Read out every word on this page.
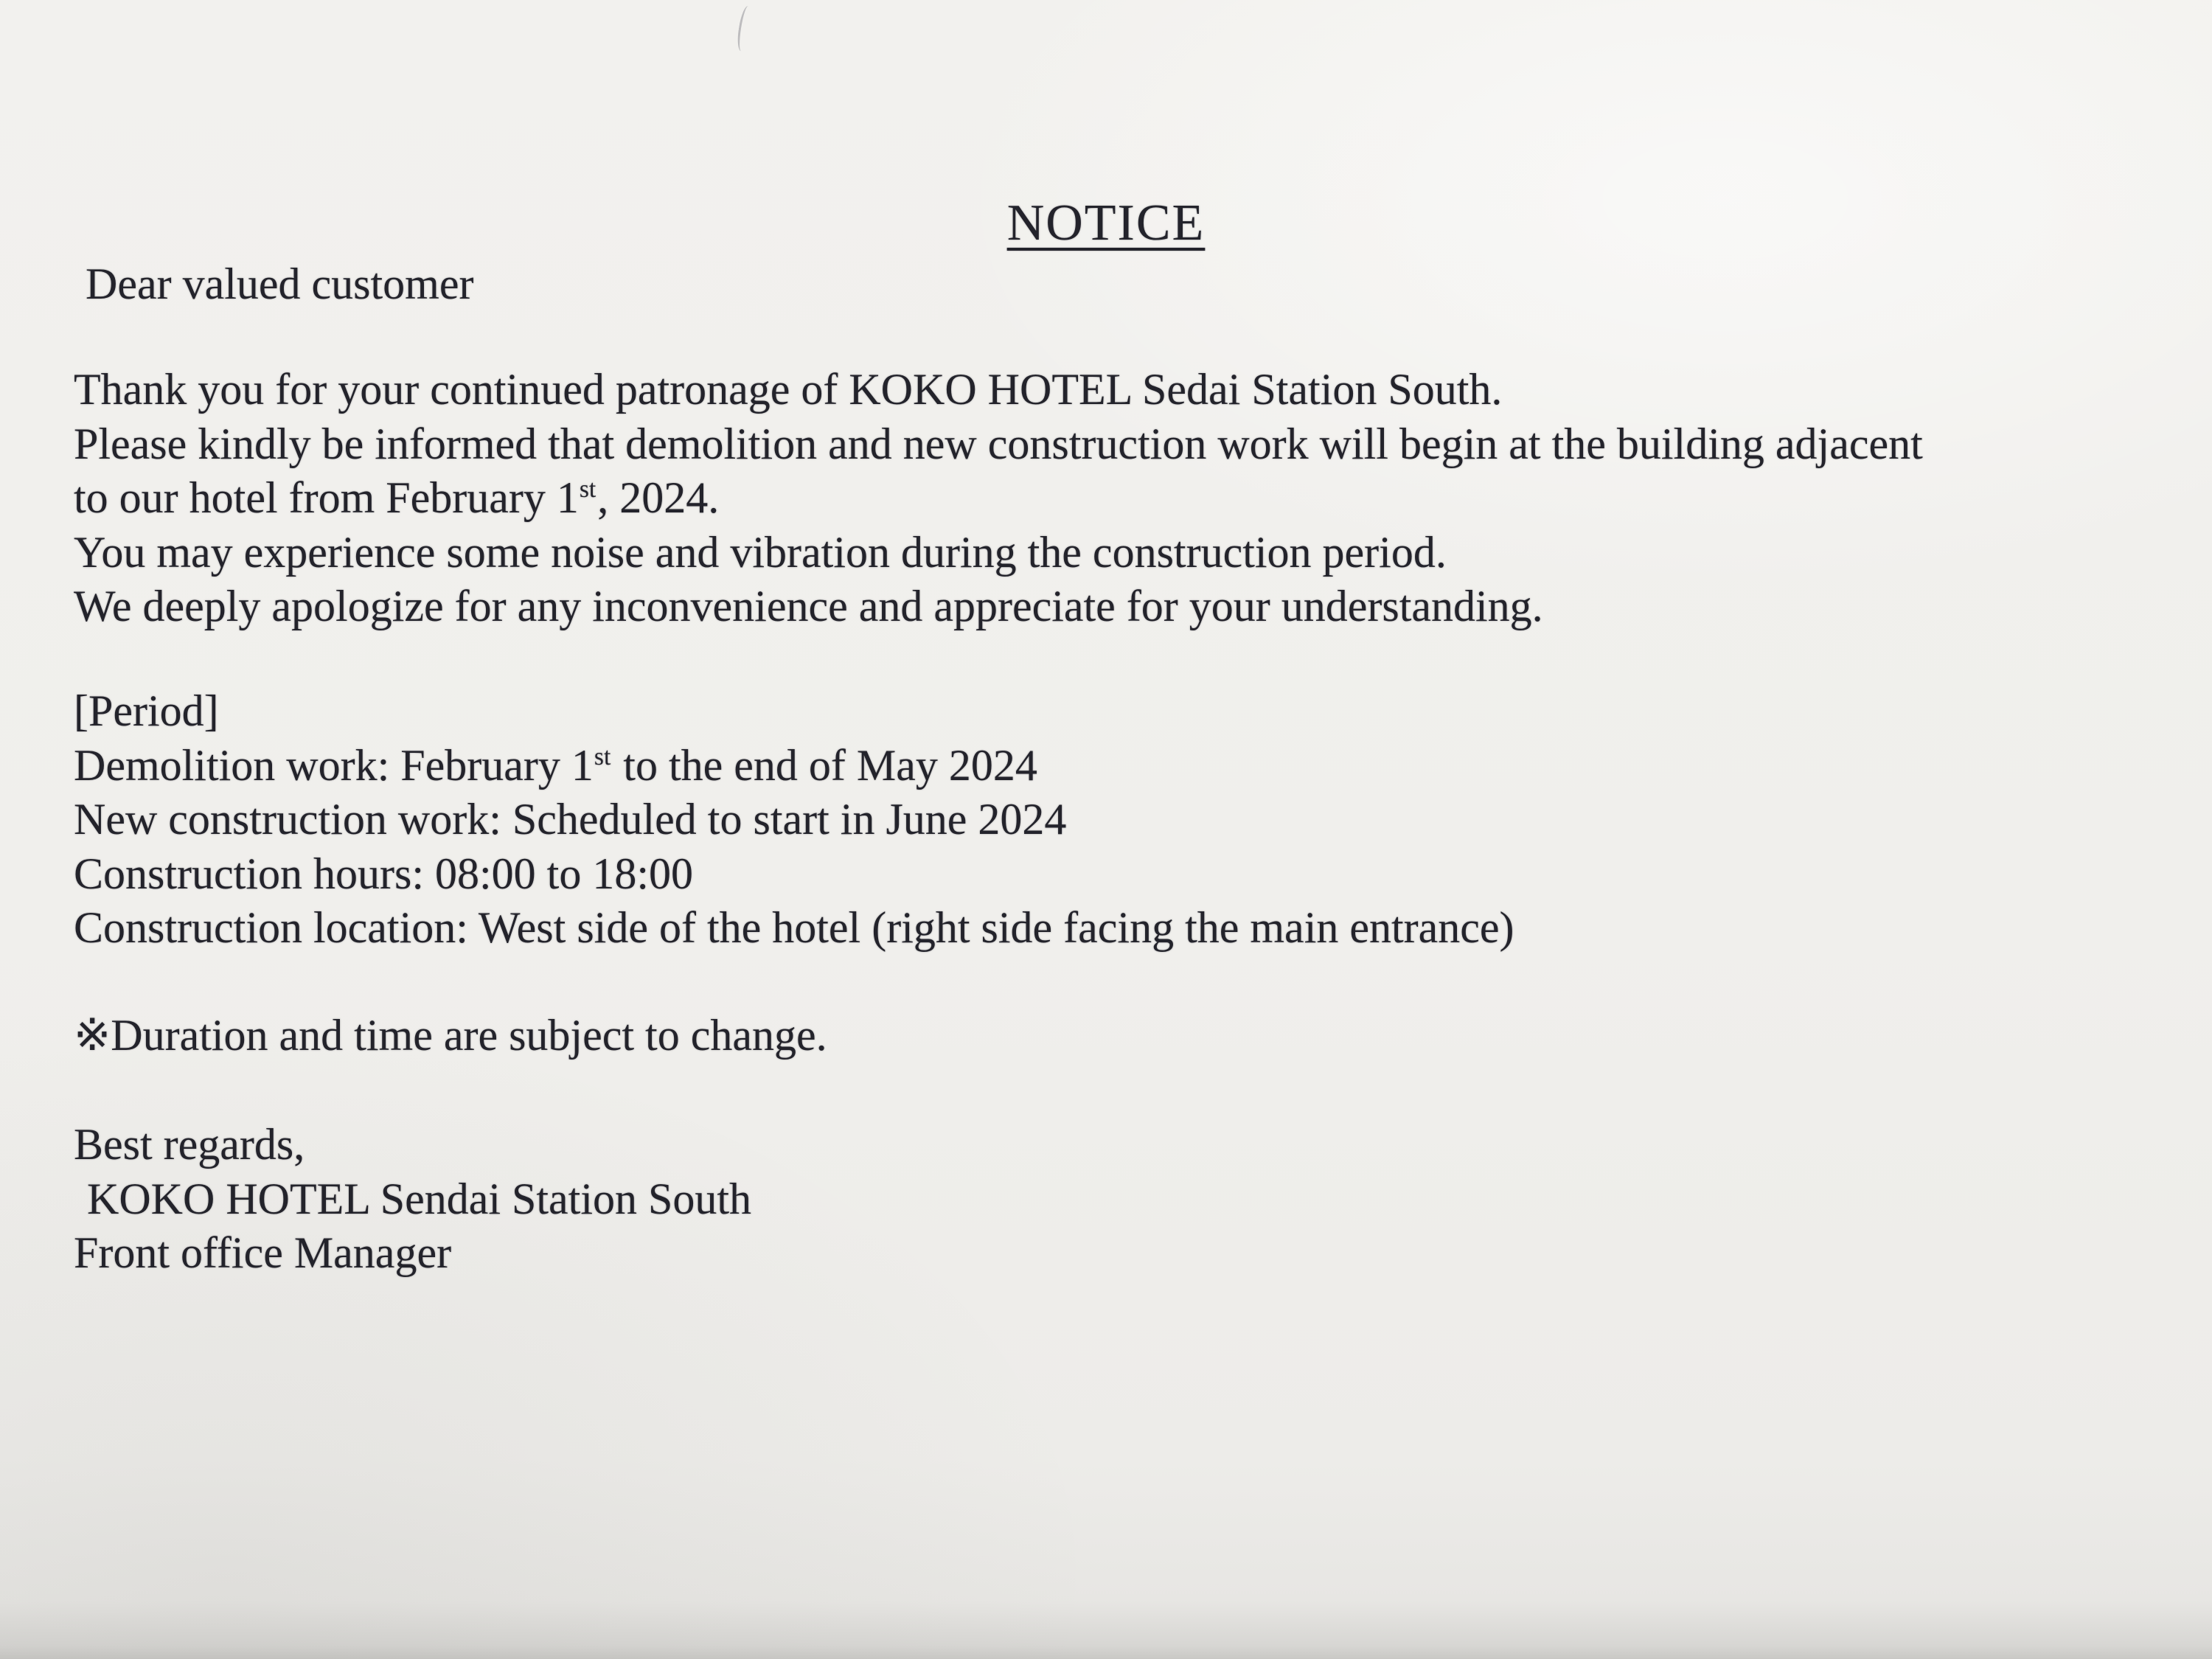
NOTICE
Dear valued customer
Thank you for your continued patronage of KOKO HOTEL Sedai Station South.
Please kindly be informed that demolition and new construction work will begin at the building adjacent
to our hotel from February 1st, 2024.
You may experience some noise and vibration during the construction period.
We deeply apologize for any inconvenience and appreciate for your understanding.
[Period]
Demolition work: February 1st to the end of May 2024
New construction work: Scheduled to start in June 2024
Construction hours: 08:00 to 18:00
Construction location: West side of the hotel (right side facing the main entrance)
※Duration and time are subject to change.
Best regards,
KOKO HOTEL Sendai Station South
Front office Manager
